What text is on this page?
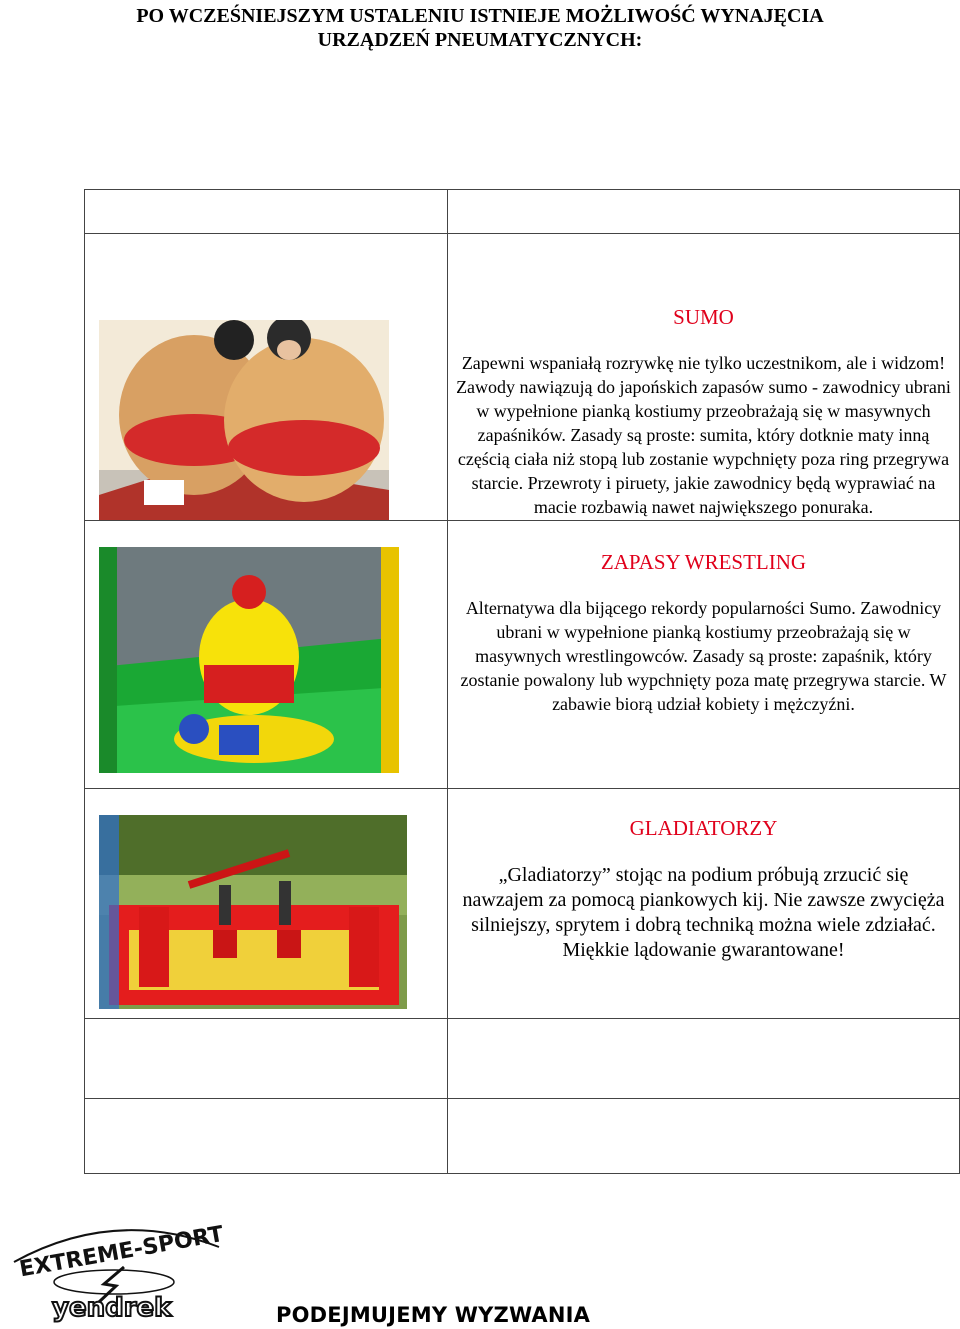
PO WCZEŚNIEJSZYM USTALENIU ISTNIEJE MOŻLIWOŚĆ WYNAJĘCIA
URZĄDZEŃ PNEUMATYCZNYCH:

SUMO
Zapewni wspaniałą rozrywkę nie tylko uczestnikom, ale i widzom! Zawody nawiązują do japońskich zapasów sumo - zawodnicy ubrani w wypełnione pianką kostiumy przeobrażają się w masywnych zapaśników. Zasady są proste: sumita, który dotknie maty inną częścią ciała niż stopą lub zostanie wypchnięty poza ring przegrywa starcie. Przewroty i piruety, jakie zawodnicy będą wyprawiać na macie rozbawią nawet największego ponuraka.

ZAPASY WRESTLING
Alternatywa dla bijącego rekordy popularności Sumo. Zawodnicy ubrani w wypełnione pianką kostiumy przeobrażają się w masywnych wrestlingowców. Zasady są proste: zapaśnik, który zostanie powalony lub wypchnięty poza matę przegrywa starcie. W zabawie biorą udział kobiety i mężczyźni.

GLADIATORZY
„Gladiatorzy” stojąc na podium próbują zrzucić się nawzajem za pomocą piankowych kij. Nie zawsze zwycięża silniejszy, sprytem i dobrą techniką można wiele zdziałać. Miękkie lądowanie gwarantowane!

EXTREME-SPORT
yendrek	PODEJMUJEMY WYZWANIA
